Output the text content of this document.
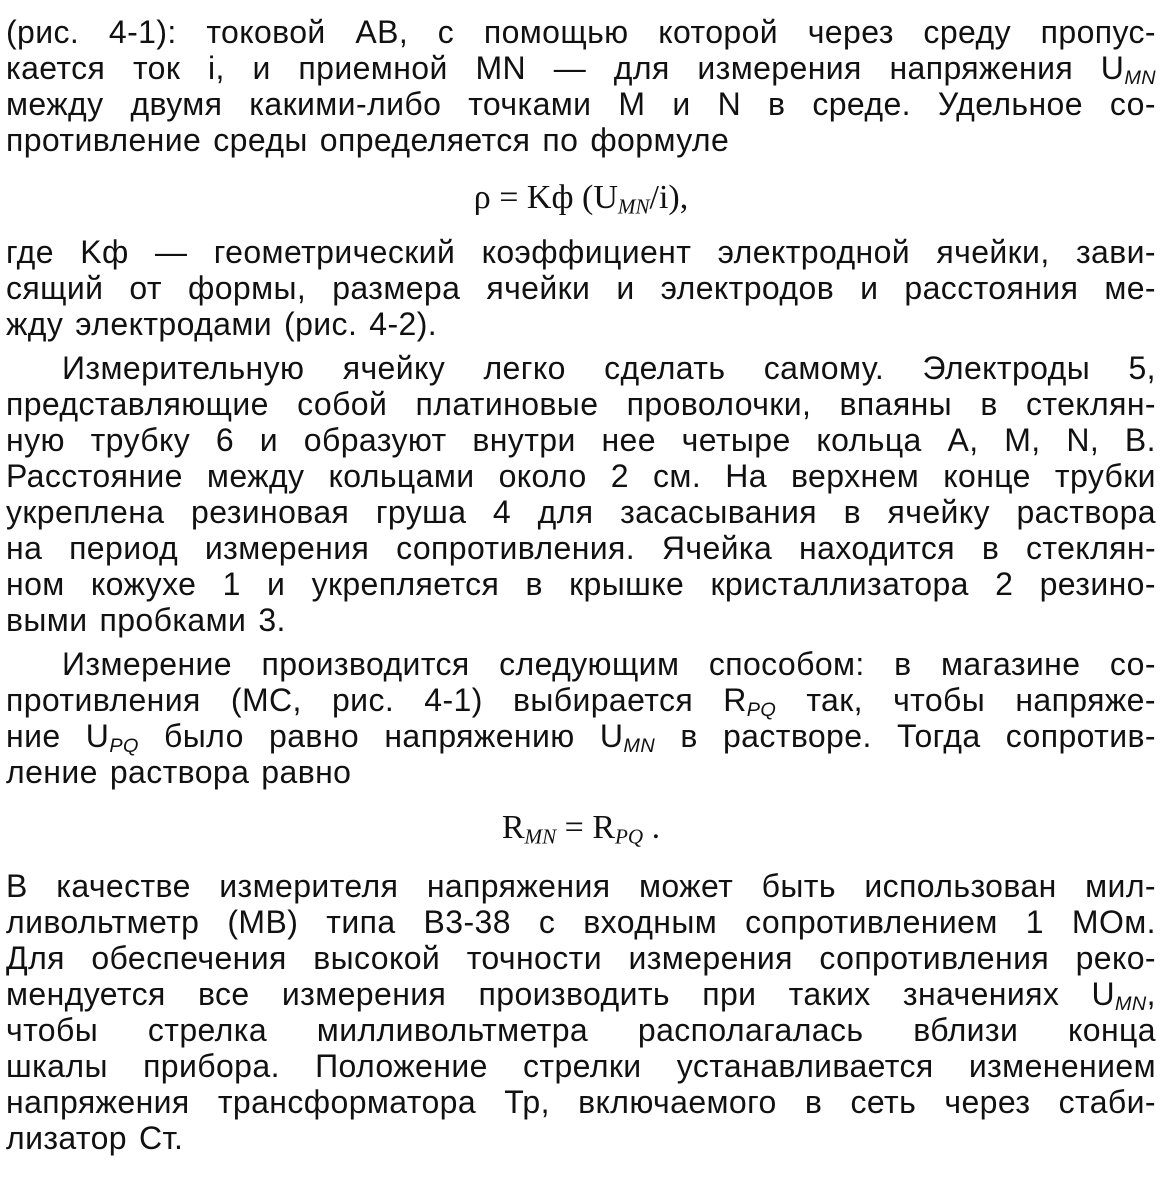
(рис. 4-1): токовой AB, с помощью которой через среду пропус-
кается ток i, и приемной MN — для измерения напряжения $U_{MN}$
между двумя какими-либо точками M и N в среде. Удельное со-
противление среды определяется по формуле
ρ = Kф $(U_{MN}/i)$,
где Kф — геометрический коэффициент электродной ячейки, зави-
сящий от формы, размера ячейки и электродов и расстояния ме-
жду электродами (рис. 4-2).
Измерительную ячейку легко сделать самому. Электроды 5,
представляющие собой платиновые проволочки, впаяны в стеклян-
ную трубку 6 и образуют внутри нее четыре кольца A, M, N, B.
Расстояние между кольцами около 2 см. На верхнем конце трубки
укреплена резиновая груша 4 для засасывания в ячейку раствора
на период измерения сопротивления. Ячейка находится в стеклян-
ном кожухе 1 и укрепляется в крышке кристаллизатора 2 резино-
выми пробками 3.
Измерение производится следующим способом: в магазине со-
противления (MC, рис. 4-1) выбирается $R_{PQ}$ так, чтобы напряже-
ние $U_{PQ}$ было равно напряжению $U_{MN}$ в растворе. Тогда сопротив-
ление раствора равно
$R_{MN} = R_{PQ}$ .
В качестве измерителя напряжения может быть использован мил-
ливольтметр (MB) типа В3-38 с входным сопротивлением 1 МОм.
Для обеспечения высокой точности измерения сопротивления реко-
мендуется все измерения производить при таких значениях $U_{MN}$,
чтобы стрелка милливольтметра располагалась вблизи конца
шкалы прибора. Положение стрелки устанавливается изменением
напряжения трансформатора Тр, включаемого в сеть через стаби-
лизатор Ст.
